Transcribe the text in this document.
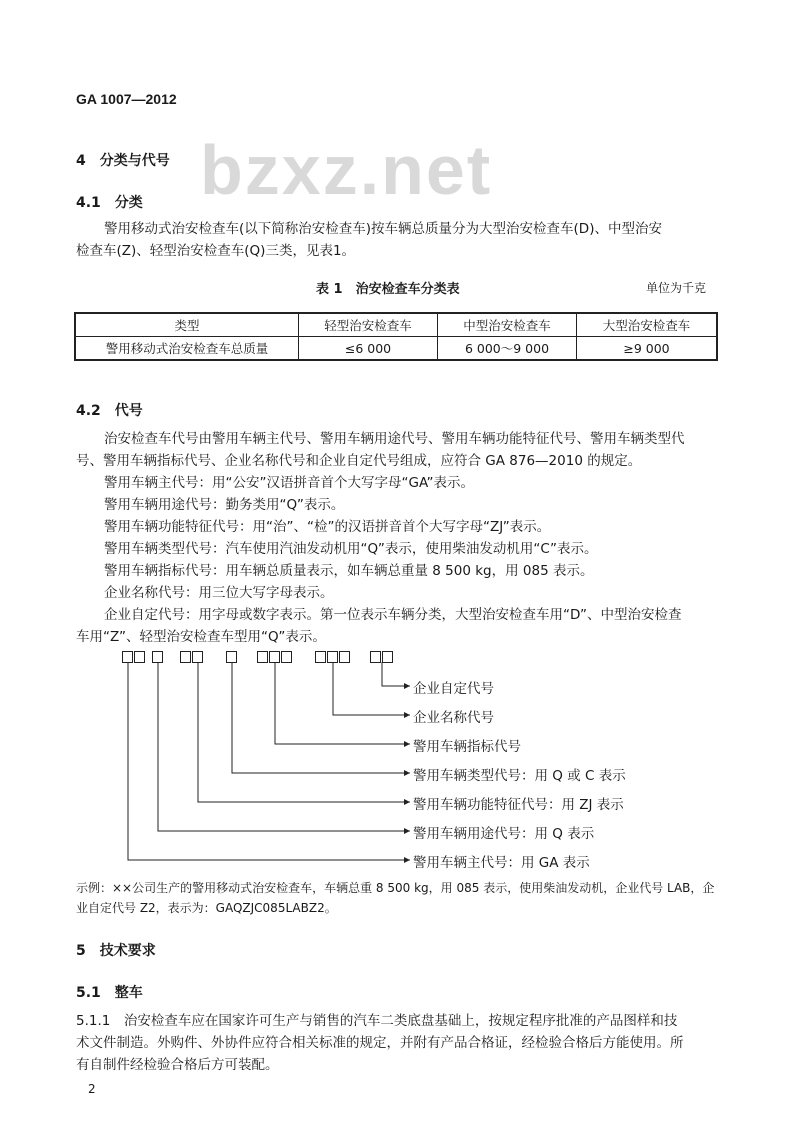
GA 1007—2012
bzxz.net
4　分类与代号
4.1　分类
警用移动式治安检查车(以下简称治安检查车)按车辆总质量分为大型治安检查车(D)、中型治安
检查车(Z)、轻型治安检查车(Q)三类，见表1。
表 1　治安检查车分类表	单位为千克
类型	轻型治安检查车	中型治安检查车	大型治安检查车
警用移动式治安检查车总质量	≤6 000	6 000～9 000	≥9 000
4.2　代号
治安检查车代号由警用车辆主代号、警用车辆用途代号、警用车辆功能特征代号、警用车辆类型代
号、警用车辆指标代号、企业名称代号和企业自定代号组成，应符合 GA 876—2010 的规定。
警用车辆主代号：用“公安”汉语拼音首个大写字母“GA”表示。
警用车辆用途代号：勤务类用“Q”表示。
警用车辆功能特征代号：用“治”、“检”的汉语拼音首个大写字母“ZJ”表示。
警用车辆类型代号：汽车使用汽油发动机用“Q”表示，使用柴油发动机用“C”表示。
警用车辆指标代号：用车辆总质量表示，如车辆总重量 8 500 kg，用 085 表示。
企业名称代号：用三位大写字母表示。
企业自定代号：用字母或数字表示。第一位表示车辆分类，大型治安检查车用“D”、中型治安检查
车用“Z”、轻型治安检查车型用“Q”表示。
企业自定代号
企业名称代号
警用车辆指标代号
警用车辆类型代号：用 Q 或 C 表示
警用车辆功能特征代号：用 ZJ 表示
警用车辆用途代号：用 Q 表示
警用车辆主代号：用 GA 表示
示例：××公司生产的警用移动式治安检查车，车辆总重 8 500 kg，用 085 表示，使用柴油发动机，企业代号 LAB，企
业自定代号 Z2，表示为：GAQZJC085LABZ2。
5　技术要求
5.1　整车
5.1.1　治安检查车应在国家许可生产与销售的汽车二类底盘基础上，按规定程序批准的产品图样和技
术文件制造。外购件、外协件应符合相关标准的规定，并附有产品合格证，经检验合格后方能使用。所
有自制件经检验合格后方可装配。
2
